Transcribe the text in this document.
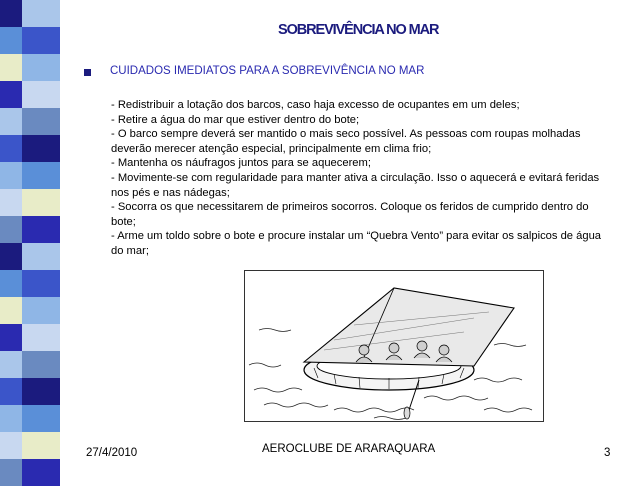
SOBREVIVÊNCIA NO MAR
CUIDADOS IMEDIATOS PARA A SOBREVIVÊNCIA NO MAR

- Redistribuir a lotação dos barcos, caso haja excesso de ocupantes em um deles;

- Retire a água do mar que estiver dentro do bote;

- O barco sempre deverá ser mantido o mais seco possível. As pessoas com roupas molhadas deverão merecer atenção especial, principalmente em clima frio;

- Mantenha os náufragos juntos para se aquecerem;

- Movimente-se com regularidade para manter ativa a circulação. Isso o aquecerá e evitará feridas nos pés e nas nádegas;

- Socorra os que necessitarem de primeiros socorros. Coloque os feridos de cumprido dentro do bote;

- Arme um toldo sobre o bote e procure instalar um “Quebra Vento” para evitar os salpicos de água do mar;

27/4/2010	AEROCLUBE DE ARARAQUARA	3
